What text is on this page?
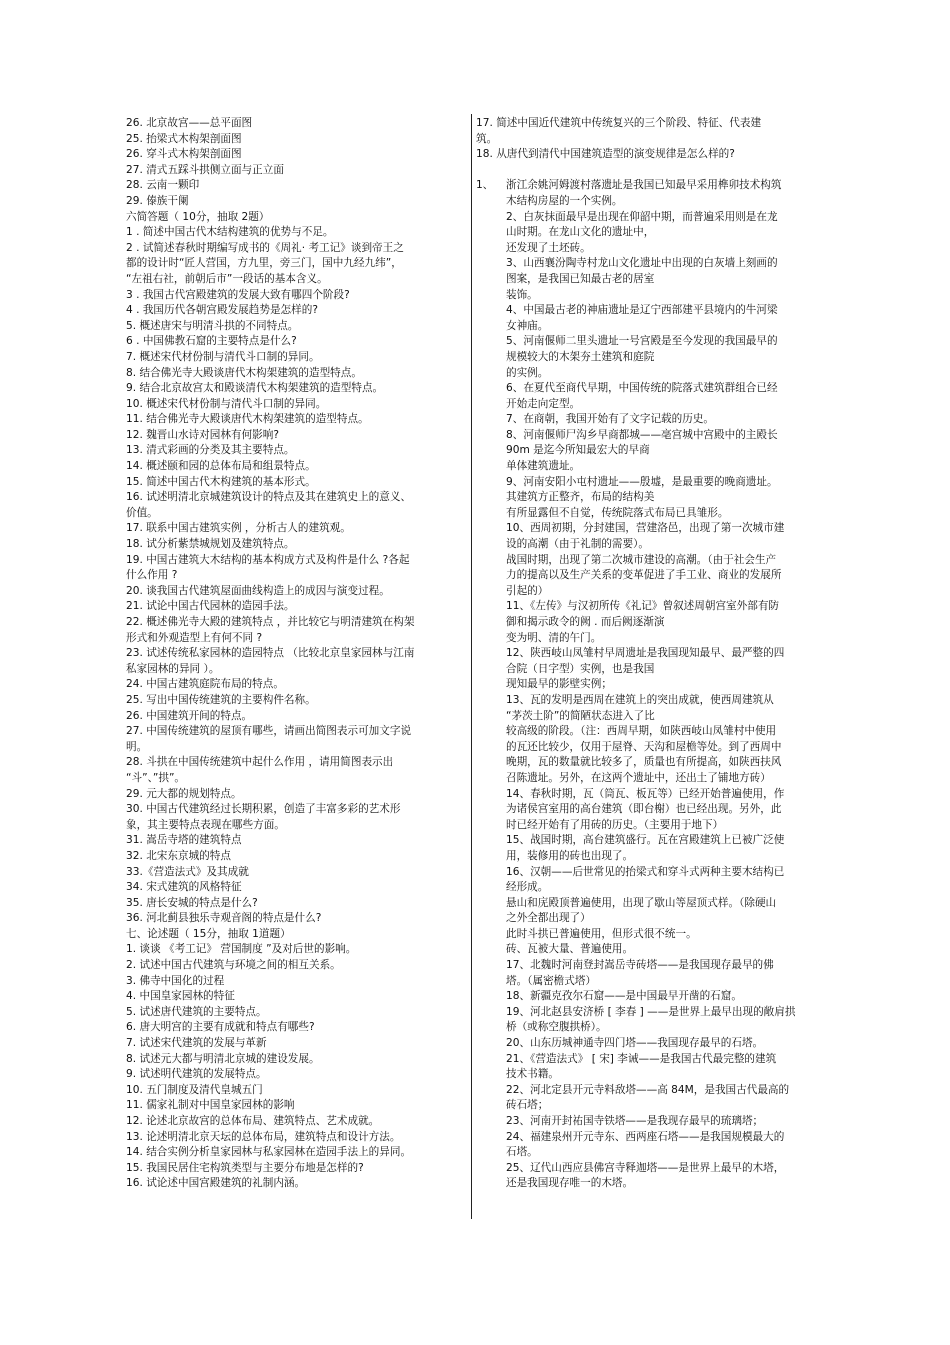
26. 北京故宫——总平面图
25. 抬梁式木构架剖面图
26. 穿斗式木构架剖面图
27. 清式五踩斗拱侧立面与正立面
28. 云南一颗印
29. 傣族干阑
六简答题（ 10分，抽取 2题）
1 . 简述中国古代木结构建筑的优势与不足。
2 . 试简述春秋时期编写成书的《周礼· 考工记》谈到帝王之
都的设计时“匠人营国，方九里，旁三门，国中九经九纬”，
“左祖右社，前朝后市”一段话的基本含义。
3 . 我国古代宫殿建筑的发展大致有哪四个阶段?
4 . 我国历代各朝宫殿发展趋势是怎样的?
5. 概述唐宋与明清斗拱的不同特点。
6 . 中国佛教石窟的主要特点是什么?
7. 概述宋代材份制与清代斗口制的异同。
8. 结合佛光寺大殿谈唐代木构架建筑的造型特点。
9. 结合北京故宫太和殿谈清代木构架建筑的造型特点。
10. 概述宋代材份制与清代斗口制的异同。
11. 结合佛光寺大殿谈唐代木构架建筑的造型特点。
12. 魏晋山水诗对园林有何影响?
13. 清式彩画的分类及其主要特点。
14. 概述颐和园的总体布局和组景特点。
15. 简述中国古代木构建筑的基本形式。
16. 试述明清北京城建筑设计的特点及其在建筑史上的意义、
价值。
17. 联系中国古建筑实例 ，分析古人的建筑观。
18. 试分析紫禁城规划及建筑特点。
19. 中国古建筑大木结构的基本构成方式及构件是什么 ?各起
什么作用 ?
20. 谈我国古代建筑屋面曲线构造上的成因与演变过程。
21. 试论中国古代园林的造园手法。
22. 概述佛光寺大殿的建筑特点 ，并比较它与明清建筑在构架
形式和外观造型上有何不同 ?
23. 试述传统私家园林的造园特点 （比较北京皇家园林与江南
私家园林的异同 ）。
24. 中国古建筑庭院布局的特点。
25. 写出中国传统建筑的主要构件名称。
26. 中国建筑开间的特点。
27. 中国传统建筑的屋顶有哪些，请画出简图表示可加文字说
明。
28. 斗拱在中国传统建筑中起什么作用 ，请用简图表示出
“斗”、”拱”。
29. 元大都的规划特点。
30. 中国古代建筑经过长期积累，创造了丰富多彩的艺术形
象，其主要特点表现在哪些方面。
31. 嵩岳寺塔的建筑特点
32. 北宋东京城的特点
33.《营造法式》及其成就
34. 宋式建筑的风格特征
35. 唐长安城的特点是什么?
36. 河北蓟县独乐寺观音阁的特点是什么?
七、论述题（ 15分，抽取 1道题）
1. 谈谈 《考工记》 营国制度 ”及对后世的影响。
2. 试述中国古代建筑与环境之间的相互关系。
3. 佛寺中国化的过程
4. 中国皇家园林的特征
5. 试述唐代建筑的主要特点。
6. 唐大明宫的主要有成就和特点有哪些?
7. 试述宋代建筑的发展与革新
8. 试述元大都与明清北京城的建设发展。
9. 试述明代建筑的发展特点。
10. 五门制度及清代皇城五门
11. 儒家礼制对中国皇家园林的影响
12. 论述北京故宫的总体布局、建筑特点、艺术成就。
13. 论述明清北京天坛的总体布局，建筑特点和设计方法。
14. 结合实例分析皇家园林与私家园林在造园手法上的异同。
15. 我国民居住宅构筑类型与主要分布地是怎样的?
16. 试论述中国宫殿建筑的礼制内涵。
17. 简述中国近代建筑中传统复兴的三个阶段、特征、代表建
筑。
18. 从唐代到清代中国建筑造型的演变规律是怎么样的?

1、 浙江余姚河姆渡村落遗址是我国已知最早采用榫卯技术构筑
木结构房屋的一个实例。
2、白灰抹面最早是出现在仰韶中期，而普遍采用则是在龙
山时期。在龙山文化的遗址中，
还发现了土坯砖。
3、山西襄汾陶寺村龙山文化遗址中出现的白灰墙上刻画的
图案，是我国已知最古老的居室
装饰。
4、中国最古老的神庙遗址是辽宁西部建平县境内的牛河梁
女神庙。
5、河南偃师二里头遗址一号宫殿是至今发现的我国最早的
规模较大的木架夯土建筑和庭院
的实例。
6、在夏代至商代早期，中国传统的院落式建筑群组合已经
开始走向定型。
7、在商朝，我国开始有了文字记载的历史。
8、河南偃师尸沟乡早商都城——亳宫城中宫殿中的主殿长
90m 是迄今所知最宏大的早商
单体建筑遗址。
9、河南安阳小屯村遗址——殷墟，是最重要的晚商遗址。
其建筑方正整齐，布局的结构美
有所显露但不自觉，传统院落式布局已具雏形。
10、西周初期，分封建国，营建洛邑，出现了第一次城市建
设的高潮（由于礼制的需要）。
战国时期，出现了第二次城市建设的高潮。（由于社会生产
力的提高以及生产关系的变革促进了手工业、商业的发展所
引起的）
11、《左传》与汉初所传《礼记》曾叙述周朝宫室外部有防
御和揭示政令的阙 . 而后阙逐渐演
变为明、清的午门。
12、陕西岐山凤雏村早周遗址是我国现知最早、最严整的四
合院（日字型）实例，也是我国
现知最早的影壁实例；
13、瓦的发明是西周在建筑上的突出成就，使西周建筑从
“茅茨土阶”的简陋状态进入了比
较高级的阶段。（注：西周早期，如陕西岐山凤雏村中使用
的瓦还比较少，仅用于屋脊、天沟和屋檐等处。到了西周中
晚期，瓦的数量就比较多了，质量也有所提高，如陕西扶风
召陈遗址。另外，在这两个遗址中，还出土了铺地方砖）
14、春秋时期，瓦（筒瓦、板瓦等）已经开始普遍使用，作
为诸侯宫室用的高台建筑（即台榭）也已经出现。另外，此
时已经开始有了用砖的历史。（主要用于地下）
15、战国时期，高台建筑盛行。瓦在宫殿建筑上已被广泛使
用，装修用的砖也出现了。
16、汉朝——后世常见的抬梁式和穿斗式两种主要木结构已
经形成。
悬山和庑殿顶普遍使用，出现了歇山等屋顶式样。（除硬山
之外全都出现了）
此时斗拱已普遍使用，但形式很不统一。
砖、瓦被大量、普遍使用。
17、北魏时河南登封嵩岳寺砖塔——是我国现存最早的佛
塔。（属密檐式塔）
18、新疆克孜尔石窟——是中国最早开凿的石窟。
19、河北赵县安济桥 [ 李春 ] ——是世界上最早出现的敞肩拱
桥（或称空腹拱桥）。
20、山东历城神通寺四门塔——我国现存最早的石塔。
21、《营造法式》 [ 宋] 李诫——是我国古代最完整的建筑
技术书籍。
22、河北定县开元寺料敌塔——高 84M，是我国古代最高的
砖石塔；
23、河南开封祐国寺铁塔——是我现存最早的琉璃塔；
24、福建泉州开元寺东、西两座石塔——是我国规模最大的
石塔。
25、辽代山西应县佛宫寺释迦塔——是世界上最早的木塔，
还是我国现存唯一的木塔。
